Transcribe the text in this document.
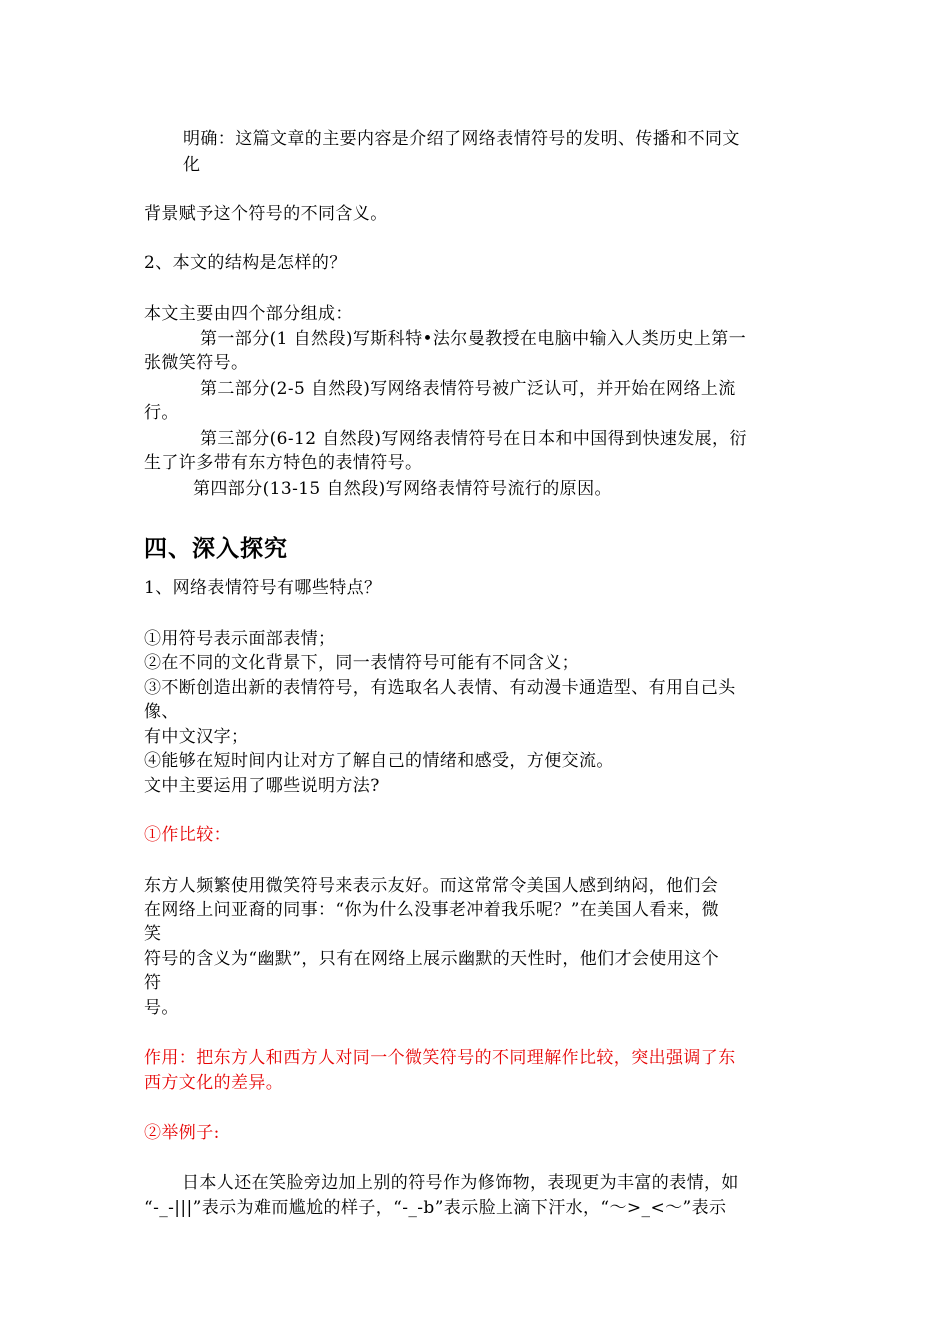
明确：这篇文章的主要内容是介绍了网络表情符号的发明、传播和不同文
化
背景赋予这个符号的不同含义。
2、本文的结构是怎样的？
本文主要由四个部分组成：
第一部分(1 自然段)写斯科特•法尔曼教授在电脑中输入人类历史上第一
张微笑符号。
第二部分(2-5 自然段)写网络表情符号被广泛认可，并开始在网络上流
行。
第三部分(6-12 自然段)写网络表情符号在日本和中国得到快速发展，衍
生了许多带有东方特色的表情符号。
第四部分(13-15 自然段)写网络表情符号流行的原因。
四、深入探究
1、网络表情符号有哪些特点？
①用符号表示面部表情；
②在不同的文化背景下，同一表情符号可能有不同含义；
③不断创造出新的表情符号，有选取名人表情、有动漫卡通造型、有用自己头
像、
有中文汉字；
④能够在短时间内让对方了解自己的情绪和感受，方便交流。
文中主要运用了哪些说明方法?
①作比较：
东方人频繁使用微笑符号来表示友好。而这常常令美国人感到纳闷，他们会
在网络上问亚裔的同事：“你为什么没事老冲着我乐呢？”在美国人看来，微
笑
符号的含义为“幽默”，只有在网络上展示幽默的天性时，他们才会使用这个
符
号。
作用：把东方人和西方人对同一个微笑符号的不同理解作比较，突出强调了东
西方文化的差异。
②举例子:
日本人还在笑脸旁边加上别的符号作为修饰物，表现更为丰富的表情，如
“-_-|||”表示为难而尴尬的样子，“-_-b”表示脸上滴下汗水，“～>_<～”表示
